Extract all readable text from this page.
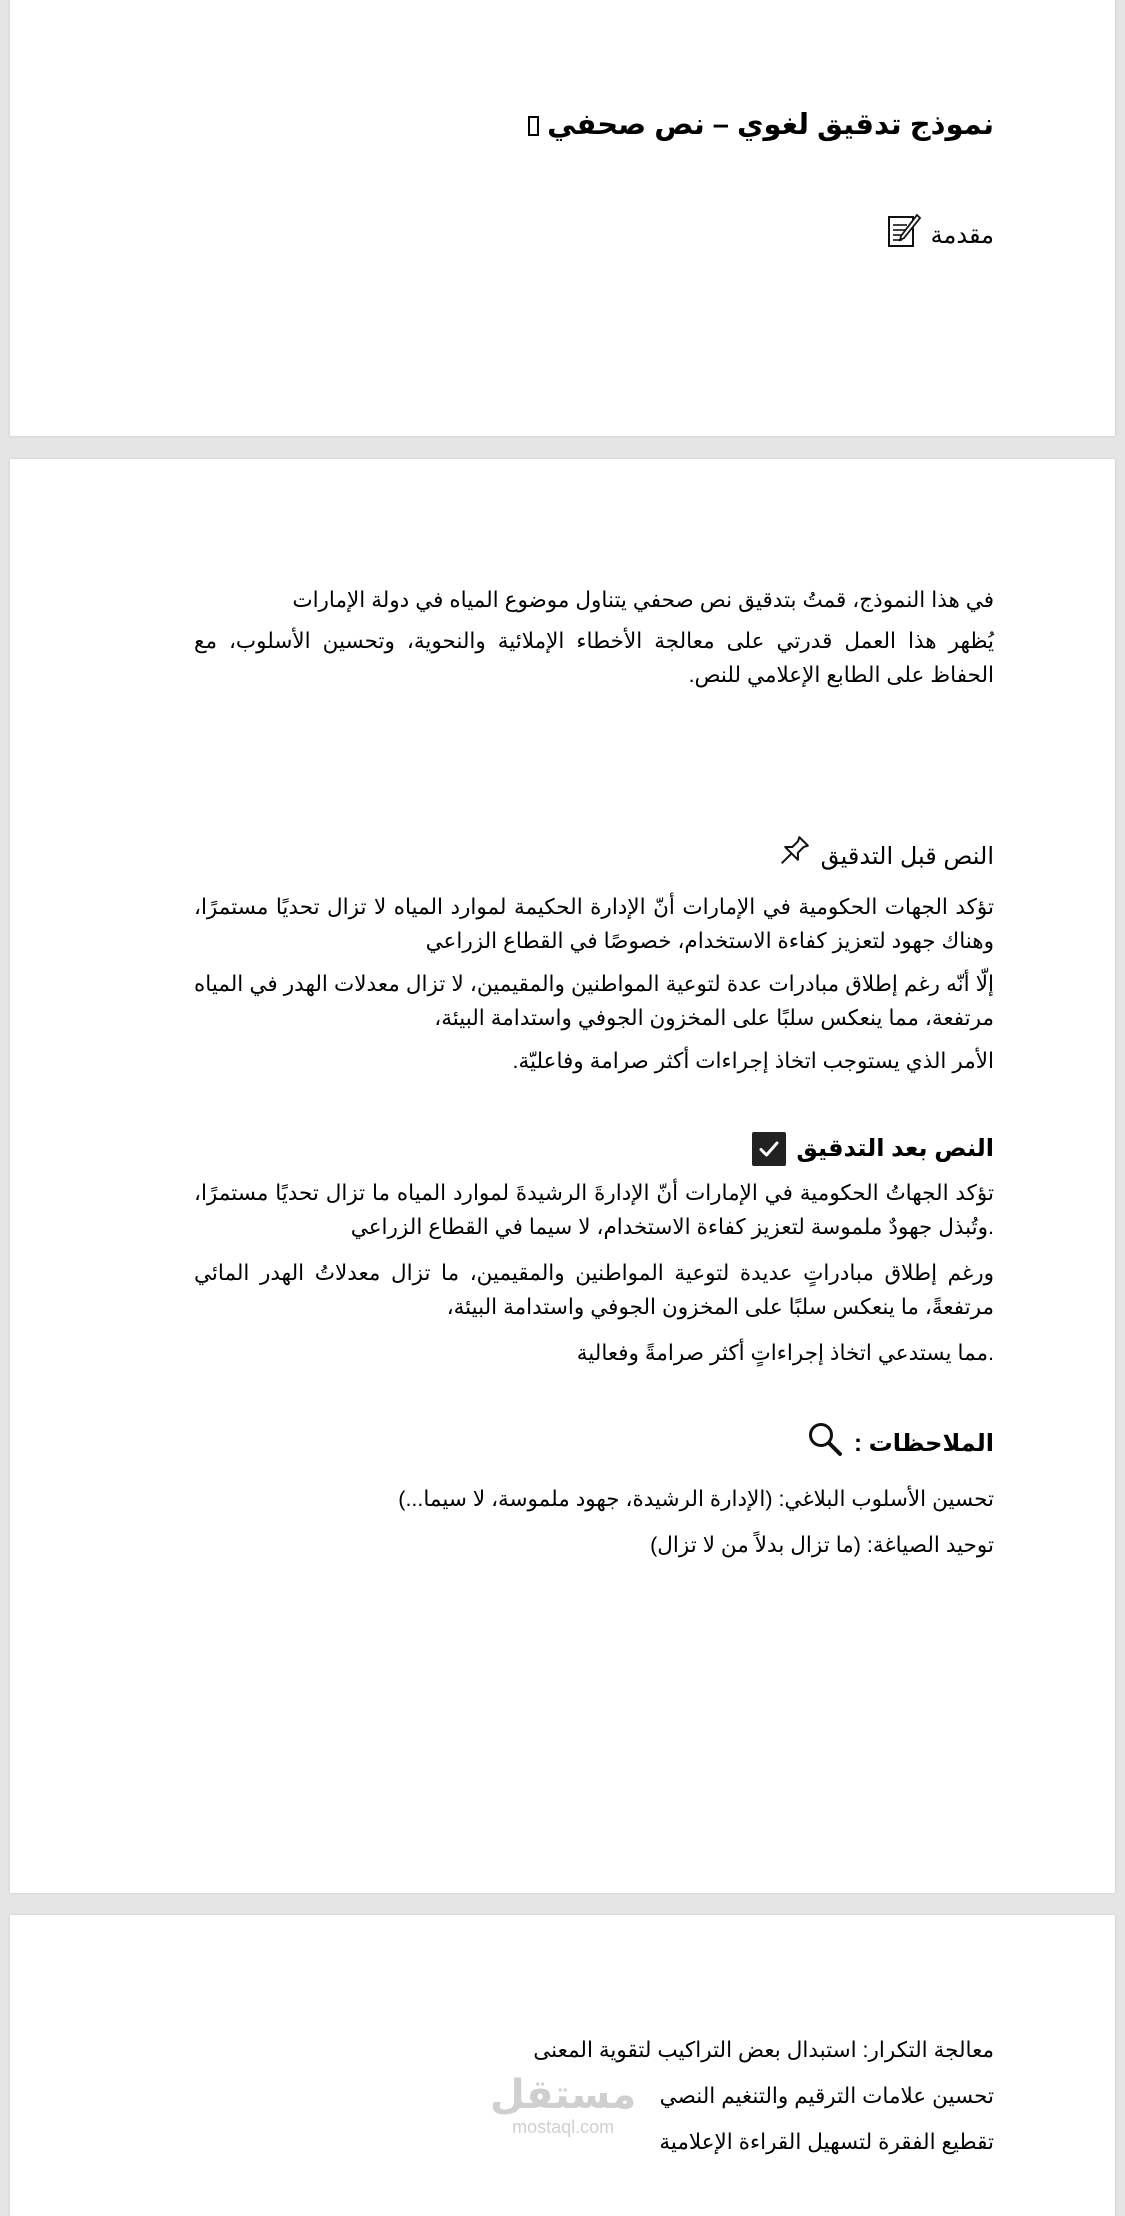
نموذج تدقيق لغوي – نص صحفي
مقدمة

في هذا النموذج، قمتُ بتدقيق نص صحفي يتناول موضوع المياه في دولة الإمارات

يُظهر هذا العمل قدرتي على معالجة الأخطاء الإملائية والنحوية، وتحسين الأسلوب، مع الحفاظ على الطابع الإعلامي للنص.

النص قبل التدقيق

تؤكد الجهات الحكومية في الإمارات أنّ الإدارة الحكيمة لموارد المياه لا تزال تحديًا مستمرًا، وهناك جهود لتعزيز كفاءة الاستخدام، خصوصًا في القطاع الزراعي

إلّا أنّه رغم إطلاق مبادرات عدة لتوعية المواطنين والمقيمين، لا تزال معدلات الهدر في المياه مرتفعة، مما ينعكس سلبًا على المخزون الجوفي واستدامة البيئة،

الأمر الذي يستوجب اتخاذ إجراءات أكثر صرامة وفاعليّة.

النص بعد التدقيق

تؤكد الجهاتُ الحكومية في الإمارات أنّ الإدارةَ الرشيدةَ لموارد المياه ما تزال تحديًا مستمرًا، .وتُبذل جهودٌ ملموسة لتعزيز كفاءة الاستخدام، لا سيما في القطاع الزراعي

ورغم إطلاق مبادراتٍ عديدة لتوعية المواطنين والمقيمين، ما تزال معدلاتُ الهدر المائي مرتفعةً، ما ينعكس سلبًا على المخزون الجوفي واستدامة البيئة،

.مما يستدعي اتخاذ إجراءاتٍ أكثر صرامةً وفعالية

الملاحظات :

تحسين الأسلوب البلاغي: (الإدارة الرشيدة، جهود ملموسة، لا سيما...)

توحيد الصياغة: (ما تزال بدلاً من لا تزال)

معالجة التكرار: استبدال بعض التراكيب لتقوية المعنى

تحسين علامات الترقيم والتنغيم النصي

تقطيع الفقرة لتسهيل القراءة الإعلامية

مستقل
mostaql.com
